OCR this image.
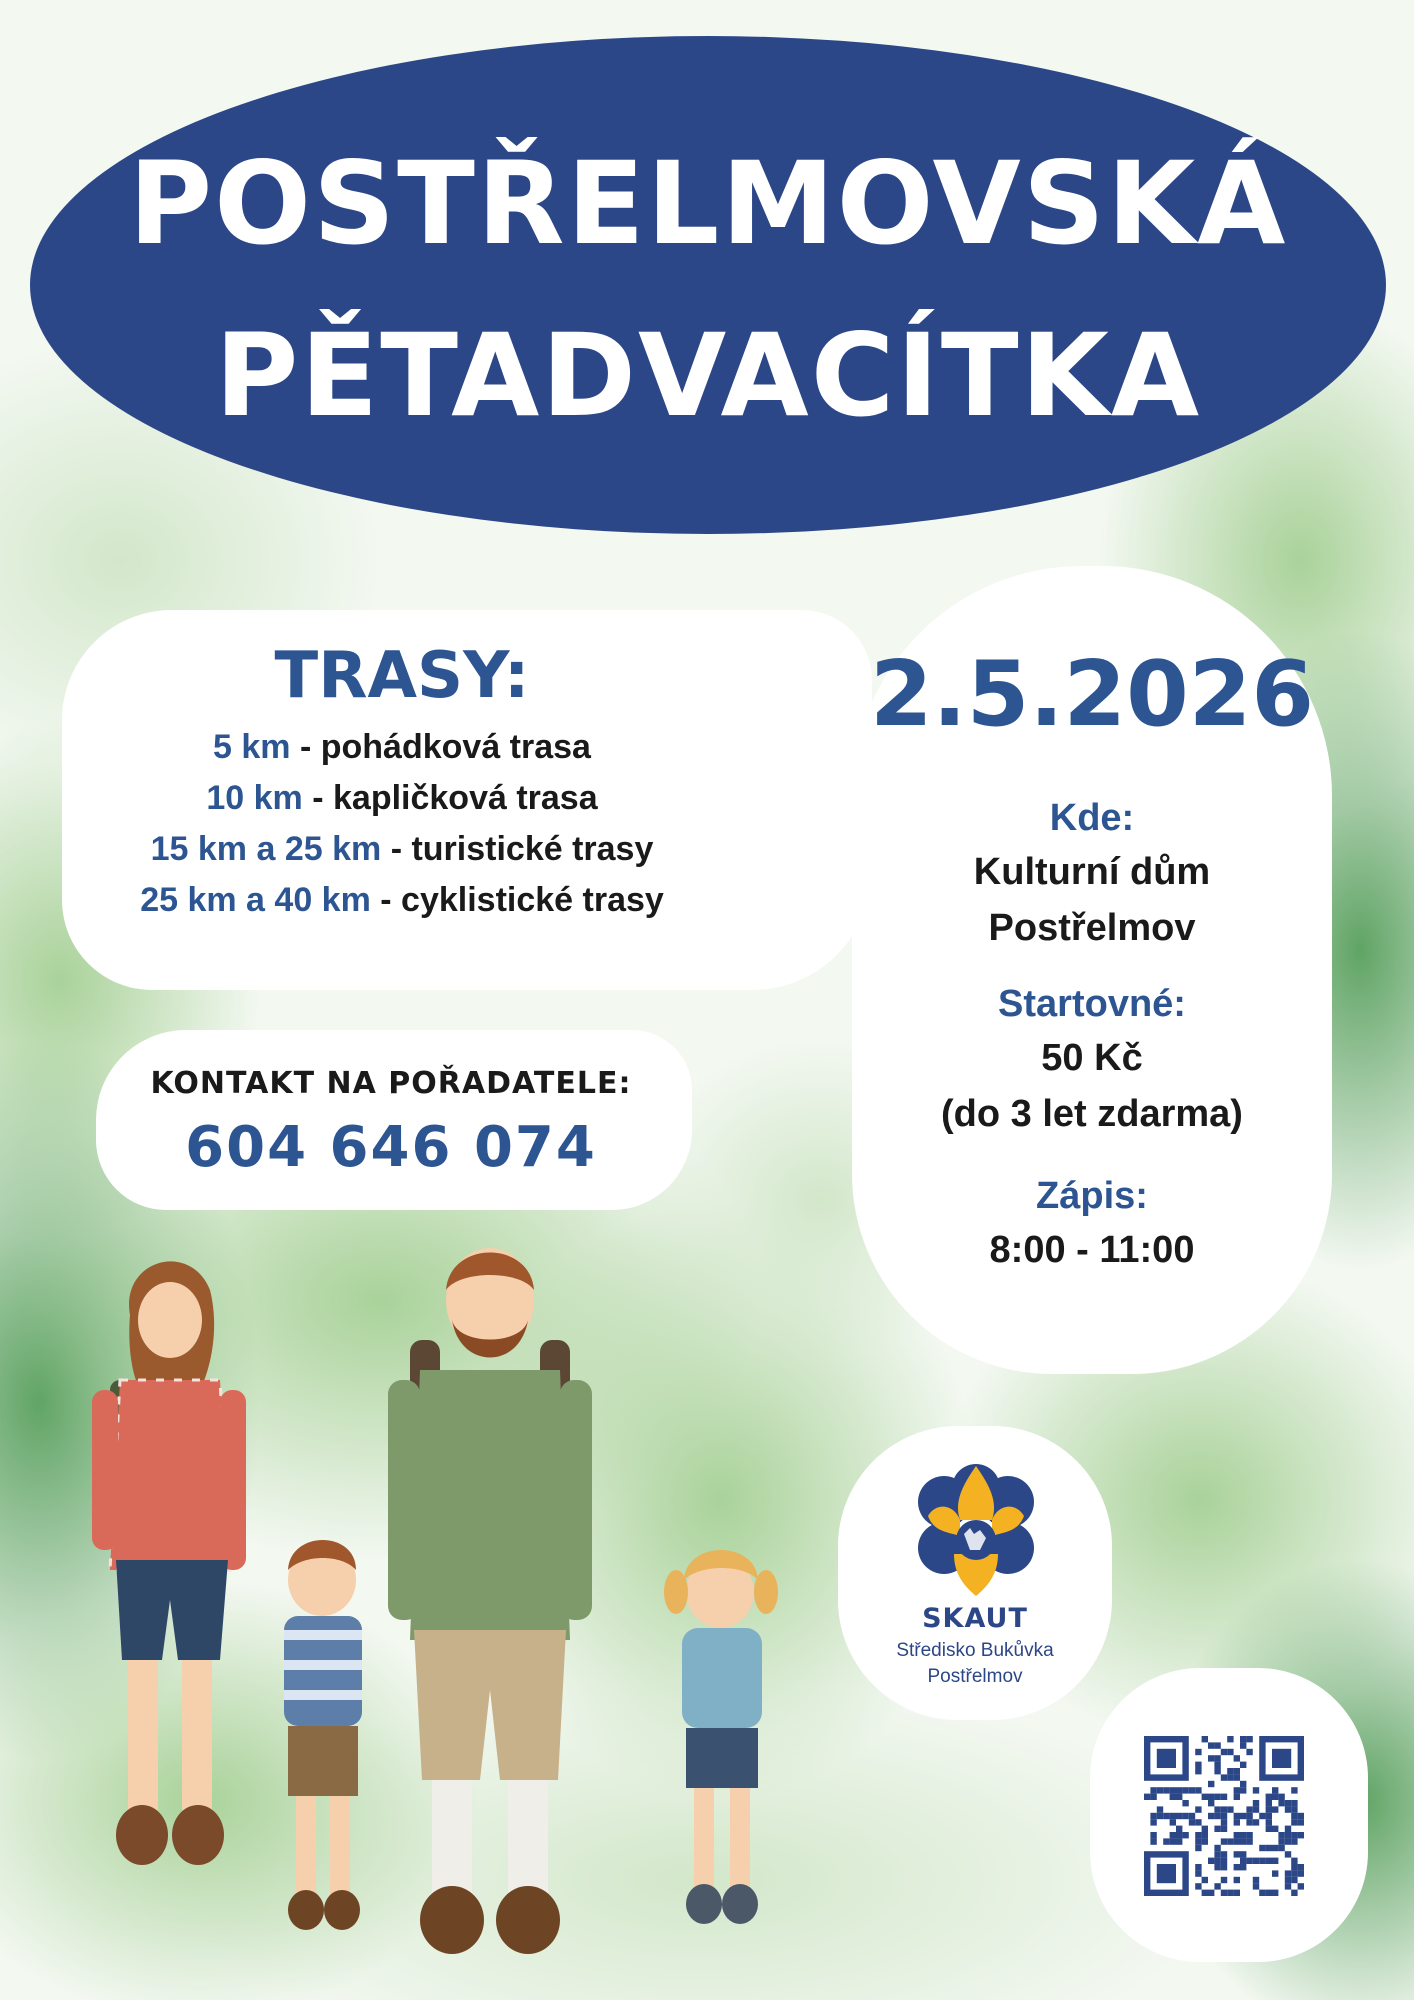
POSTŘELMOVSKÁ
PĚTADVACÍTKA
TRASY:
5 km - pohádková trasa
10 km - kapličková trasa
15 km a 25 km - turistické trasy
25 km a 40 km - cyklistické trasy
KONTAKT NA POŘADATELE:
604 646 074
2.5.2026
Kde:
Kulturní dům
Postřelmov
Startovné:
50 Kč
(do 3 let zdarma)
Zápis:
8:00 - 11:00
SKAUT
Středisko Bukůvka
Postřelmov
